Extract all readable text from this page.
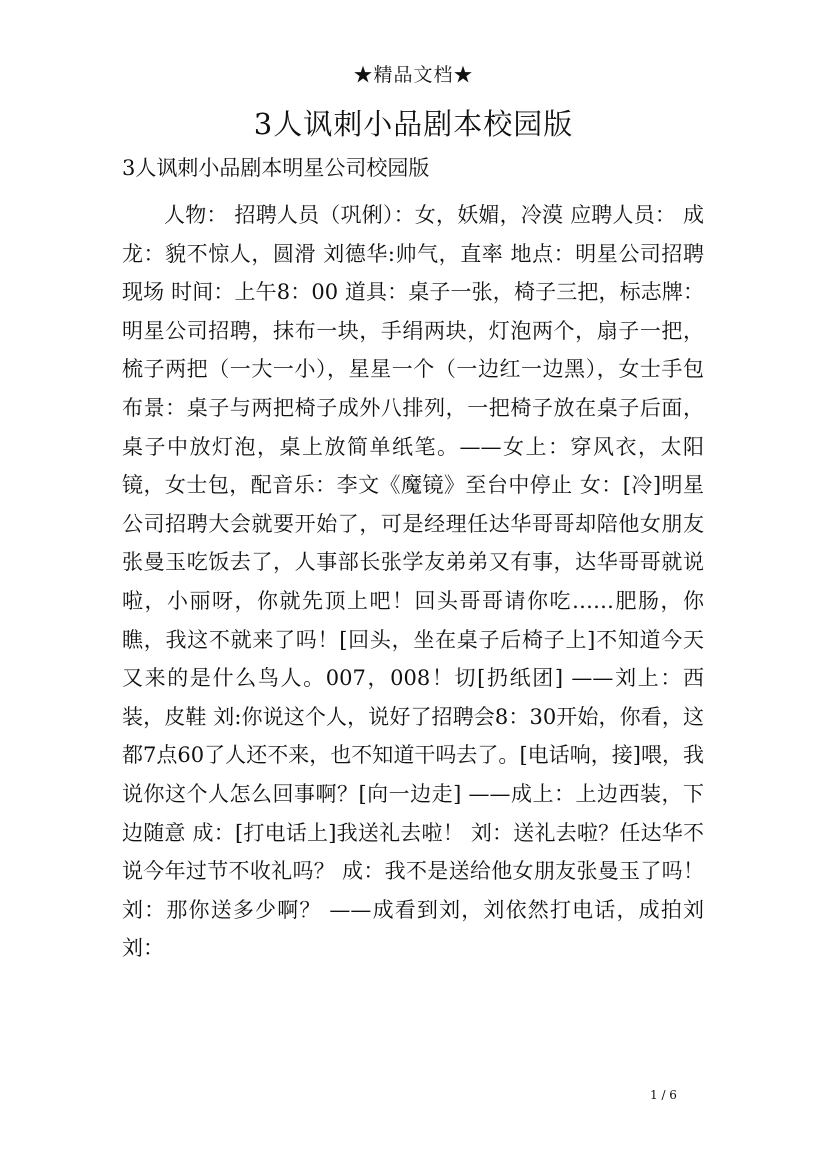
★精品文档★
3人讽刺小品剧本校园版

3人讽刺小品剧本明星公司校园版

人物： 招聘人员（巩俐）：女，妖媚，冷漠 应聘人员： 成龙：貌不惊人，圆滑 刘德华:帅气，直率 地点：明星公司招聘现场 时间：上午8：00 道具：桌子一张，椅子三把，标志牌：明星公司招聘，抹布一块，手绢两块，灯泡两个，扇子一把，梳子两把（一大一小），星星一个（一边红一边黑），女士手包 布景：桌子与两把椅子成外八排列，一把椅子放在桌子后面，桌子中放灯泡，桌上放简单纸笔。——女上：穿风衣，太阳镜，女士包，配音乐：李文《魔镜》至台中停止 女：[冷]明星公司招聘大会就要开始了，可是经理任达华哥哥却陪他女朋友张曼玉吃饭去了，人事部长张学友弟弟又有事，达华哥哥就说啦，小丽呀，你就先顶上吧！回头哥哥请你吃……肥肠，你瞧，我这不就来了吗！[回头，坐在桌子后椅子上]不知道今天又来的是什么鸟人。007，008！切[扔纸团] ——刘上：西装，皮鞋 刘:你说这个人，说好了招聘会8：30开始，你看，这都7点60了人还不来，也不知道干吗去了。[电话响，接]喂，我说你这个人怎么回事啊？[向一边走] ——成上：上边西装，下边随意 成：[打电话上]我送礼去啦！ 刘：送礼去啦？任达华不说今年过节不收礼吗？ 成：我不是送给他女朋友张曼玉了吗！ 刘：那你送多少啊？ ——成看到刘，刘依然打电话，成拍刘 刘：

1 / 6
